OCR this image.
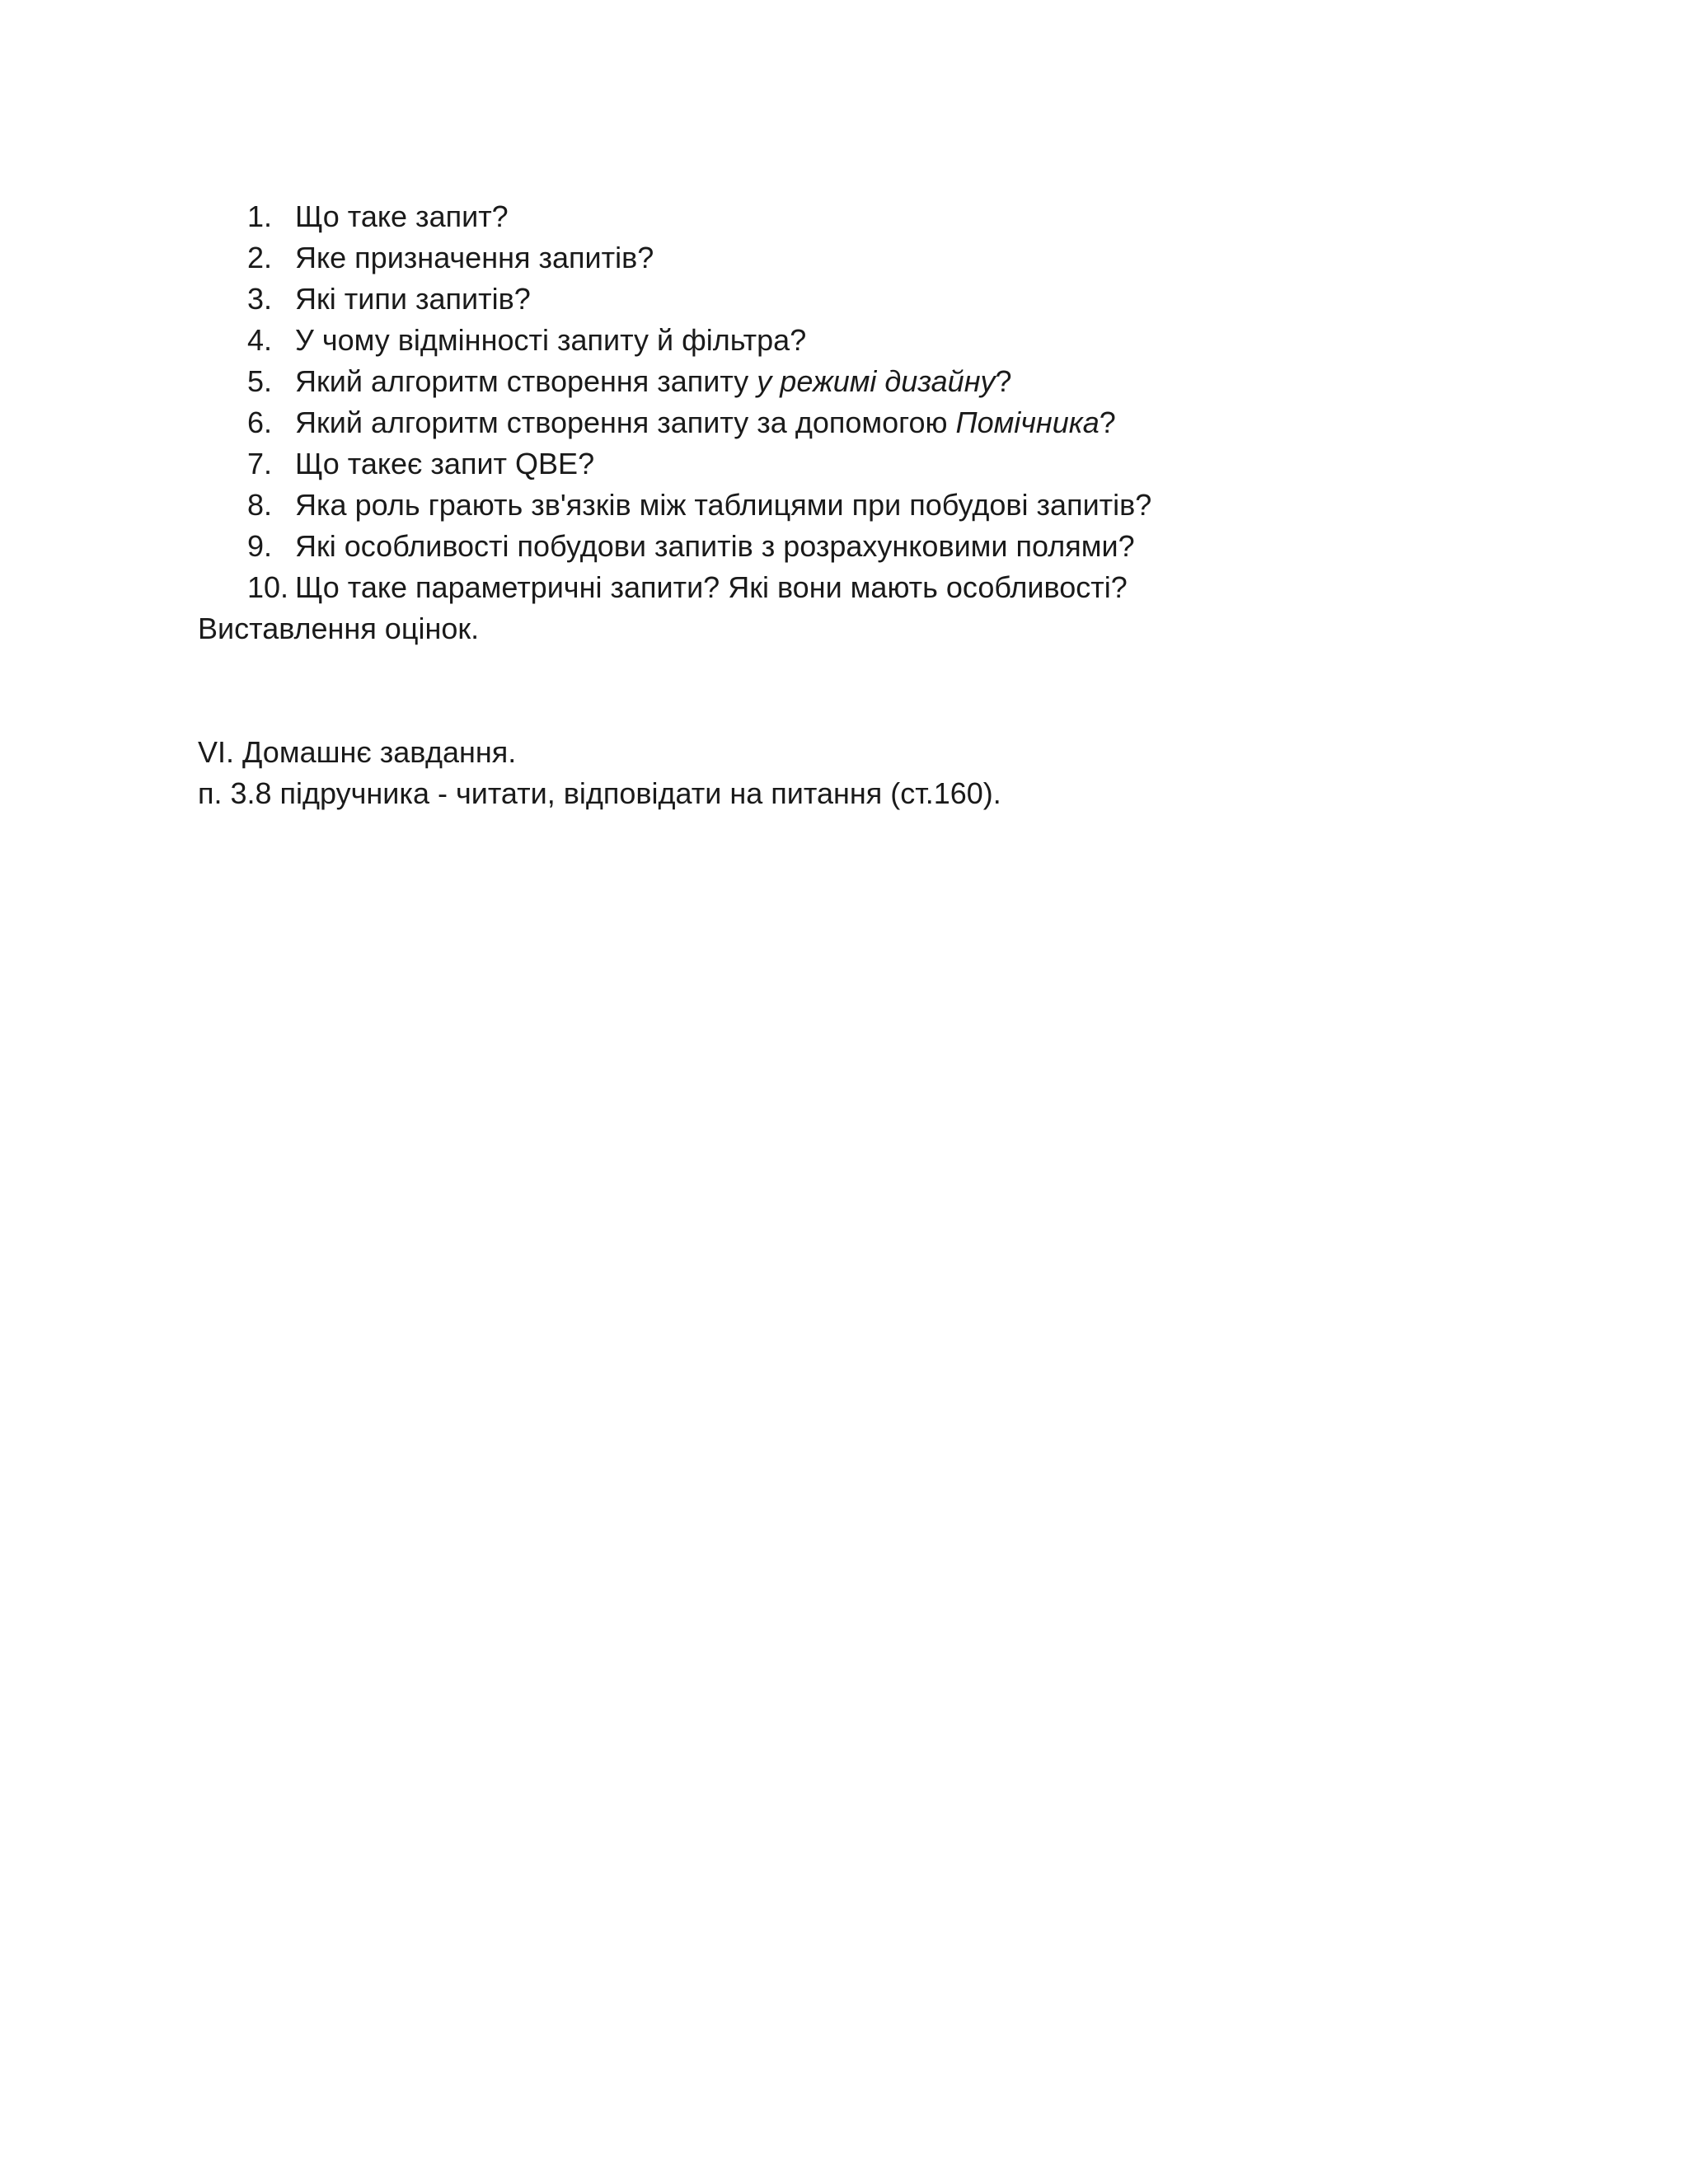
1. Що таке запит?
2. Яке призначення запитів?
3. Які типи запитів?
4. У чому відмінності запиту й фільтра?
5. Який алгоритм створення запиту у режимі дизайну?
6. Який алгоритм створення запиту за допомогою Помічника?
7. Що такеє запит QBE?
8. Яка роль грають зв'язків між таблицями при побудові запитів?
9. Які особливості побудови запитів з розрахунковими полями?
10. Що таке параметричні запити? Які вони мають особливості?
Виставлення оцінок.
VI. Домашнє завдання.
п. 3.8 підручника - читати, відповідати на питання (ст.160).
